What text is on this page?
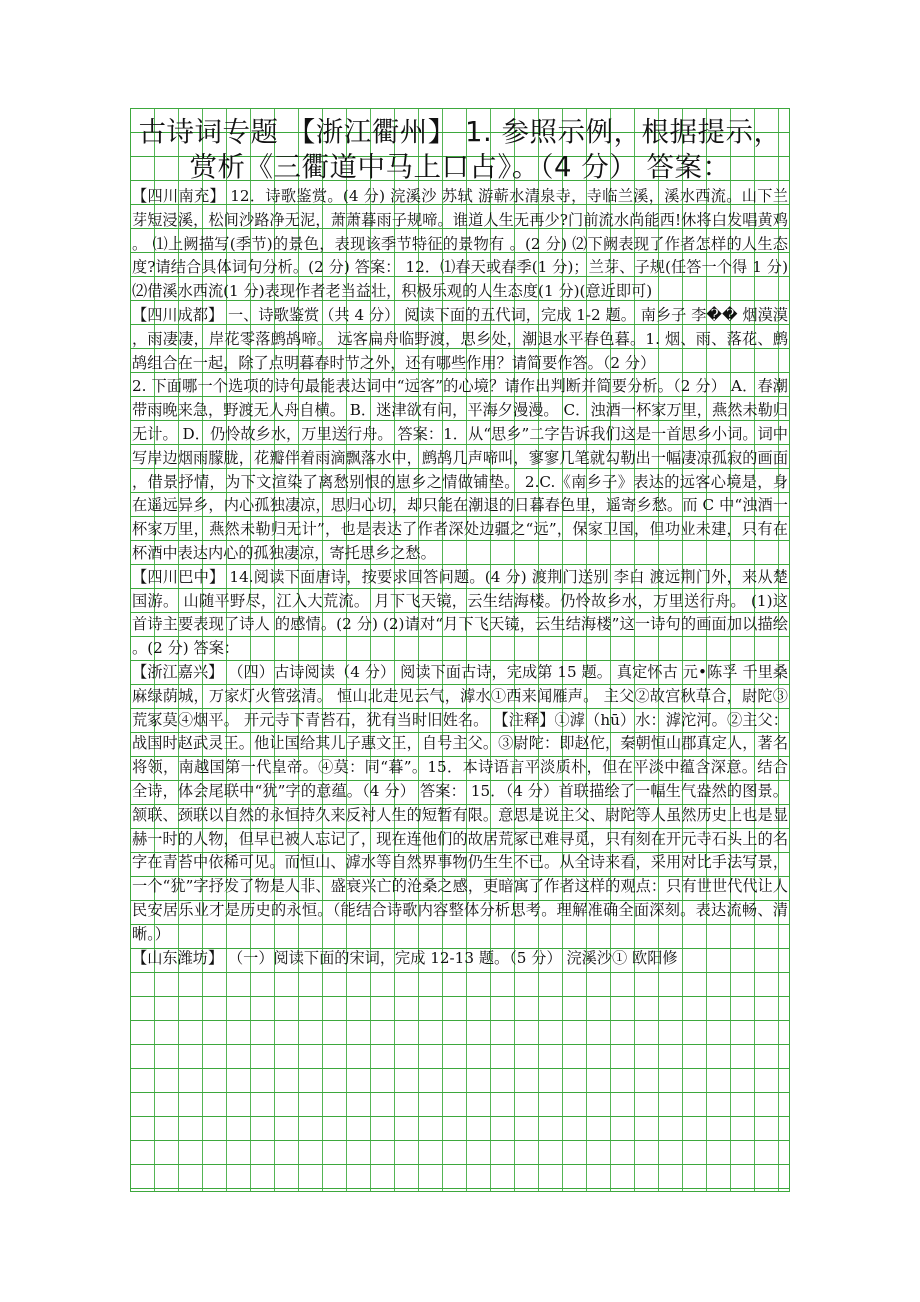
古诗词专题 【浙江衢州】 1. 参照示例，根据提示，赏析《三衢道中马上口占》。（4 分） 答案：

【四川南充】 12．诗歌鉴赏。(4 分) 浣溪沙 苏轼 游蕲水清泉寺，寺临兰溪，溪水西流。山下兰芽短浸溪，松间沙路净无泥，萧萧暮雨子规啼。谁道人生无再少?门前流水尚能西!休将白发唱黄鸡。 ⑴上阙描写(季节)的景色，表现该季节特征的景物有 。(2 分) ⑵下阙表现了作者怎样的人生态度?请结合具体词句分析。(2 分) 答案： 12．⑴春天或春季(1 分)；兰芽、子规(任答一个得 1 分) ⑵借溪水西流(1 分)表现作者老当益壮，积极乐观的人生态度(1 分)(意近即可)

【四川成都】 一、诗歌鉴赏（共 4 分） 阅读下面的五代词，完成 1-2 题。 南乡子 李�� 烟漠漠，雨凄凄，岸花零落鹧鸪啼。 远客扁舟临野渡，思乡处，潮退水平春色暮。1. 烟、雨、落花、鹧鸪组合在一起，除了点明暮春时节之外，还有哪些作用？请简要作答。（2 分）

2. 下面哪一个选项的诗句最能表达词中“远客”的心境？请作出判断并简要分析。（2 分） A．春潮带雨晚来急，野渡无人舟自横。 B．迷津欲有问，平海夕漫漫。 C．浊酒一杯家万里，燕然未勒归无计。 D．仍怜故乡水，万里送行舟。 答案：1．从“思乡”二字告诉我们这是一首思乡小词。词中写岸边烟雨朦胧，花瓣伴着雨滴飘落水中，鹧鸪几声啼叫，寥寥几笔就勾勒出一幅凄凉孤寂的画面，借景抒情，为下文渲染了离愁别恨的崽乡之情做铺垫。 2.C.《南乡子》表达的远客心境是，身在遥远异乡，内心孤独凄凉，思归心切，却只能在潮退的日暮春色里，遥寄乡愁。而 C 中“浊酒一杯家万里，燕然未勒归无计”，也是表达了作者深处边疆之“远”，保家卫国，但功业未建，只有在杯酒中表达内心的孤独凄凉，寄托思乡之愁。

【四川巴中】 14.阅读下面唐诗，按要求回答问题。(4 分) 渡荆门送别 李白 渡远荆门外，来从楚国游。 山随平野尽，江入大荒流。 月下飞天镜，云生结海楼。仍怜故乡水，万里送行舟。 (1)这首诗主要表现了诗人 的感情。(2 分) (2)请对“月下飞天镜，云生结海楼”这一诗句的画面加以描绘。(2 分) 答案：

【浙江嘉兴】 （四）古诗阅读（4 分） 阅读下面古诗，完成第 15 题。 真定怀古 元•陈孚 千里桑麻绿荫城，万家灯火管弦清。 恒山北走见云气，滹水①西来闻雁声。 主父②故宫秋草合，尉陀③荒冢莫④烟平。 开元寺下青苔石，犹有当时旧姓名。 【注释】①滹（hū）水：滹沱河。②主父：战国时赵武灵王。他让国给其儿子惠文王，自号主父。③尉陀：即赵佗，秦朝恒山郡真定人，著名将领，南越国第一代皇帝。④莫：同“暮”。15．本诗语言平淡质朴，但在平淡中蕴含深意。结合全诗，体会尾联中“犹”字的意蕴。（4 分） 答案： 15．（4 分）首联描绘了一幅生气盎然的图景。颔联、颈联以自然的永恒持久来反衬人生的短暂有限。意思是说主父、尉陀等人虽然历史上也是显赫一时的人物，但早已被人忘记了，现在连他们的故居荒冢已难寻觅，只有刻在开元寺石头上的名字在青苔中依稀可见。而恒山、滹水等自然界事物仍生生不已。从全诗来看，采用对比手法写景，一个“犹”字抒发了物是人非、盛衰兴亡的沧桑之感，更暗寓了作者这样的观点：只有世世代代让人民安居乐业才是历史的永恒。（能结合诗歌内容整体分析思考。理解准确全面深刻。表达流畅、清晰。）

【山东潍坊】 （一）阅读下面的宋词，完成 12-13 题。（5 分） 浣溪沙① 欧阳修
